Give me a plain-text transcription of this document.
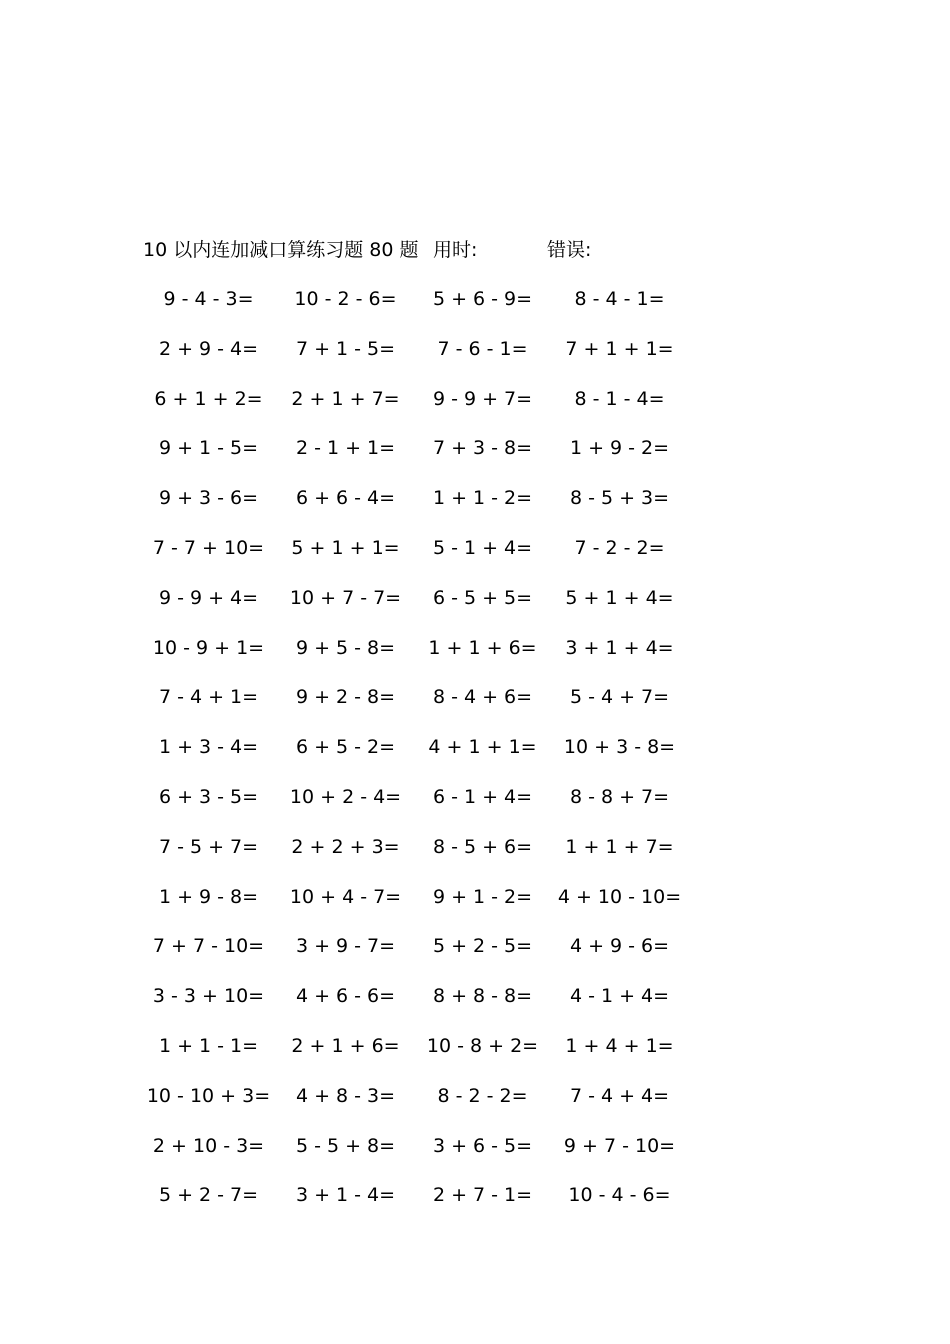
10 以内连加减口算练习题 80 题 用时:	错误:
9 - 4 - 3=	10 - 2 - 6=	5 + 6 - 9=	8 - 4 - 1=
2 + 9 - 4=	7 + 1 - 5=	7 - 6 - 1=	7 + 1 + 1=
6 + 1 + 2=	2 + 1 + 7=	9 - 9 + 7=	8 - 1 - 4=
9 + 1 - 5=	2 - 1 + 1=	7 + 3 - 8=	1 + 9 - 2=
9 + 3 - 6=	6 + 6 - 4=	1 + 1 - 2=	8 - 5 + 3=
7 - 7 + 10=	5 + 1 + 1=	5 - 1 + 4=	7 - 2 - 2=
9 - 9 + 4=	10 + 7 - 7=	6 - 5 + 5=	5 + 1 + 4=
10 - 9 + 1=	9 + 5 - 8=	1 + 1 + 6=	3 + 1 + 4=
7 - 4 + 1=	9 + 2 - 8=	8 - 4 + 6=	5 - 4 + 7=
1 + 3 - 4=	6 + 5 - 2=	4 + 1 + 1=	10 + 3 - 8=
6 + 3 - 5=	10 + 2 - 4=	6 - 1 + 4=	8 - 8 + 7=
7 - 5 + 7=	2 + 2 + 3=	8 - 5 + 6=	1 + 1 + 7=
1 + 9 - 8=	10 + 4 - 7=	9 + 1 - 2=	4 + 10 - 10=
7 + 7 - 10=	3 + 9 - 7=	5 + 2 - 5=	4 + 9 - 6=
3 - 3 + 10=	4 + 6 - 6=	8 + 8 - 8=	4 - 1 + 4=
1 + 1 - 1=	2 + 1 + 6=	10 - 8 + 2=	1 + 4 + 1=
10 - 10 + 3=	4 + 8 - 3=	8 - 2 - 2=	7 - 4 + 4=
2 + 10 - 3=	5 - 5 + 8=	3 + 6 - 5=	9 + 7 - 10=
5 + 2 - 7=	3 + 1 - 4=	2 + 7 - 1=	10 - 4 - 6=
